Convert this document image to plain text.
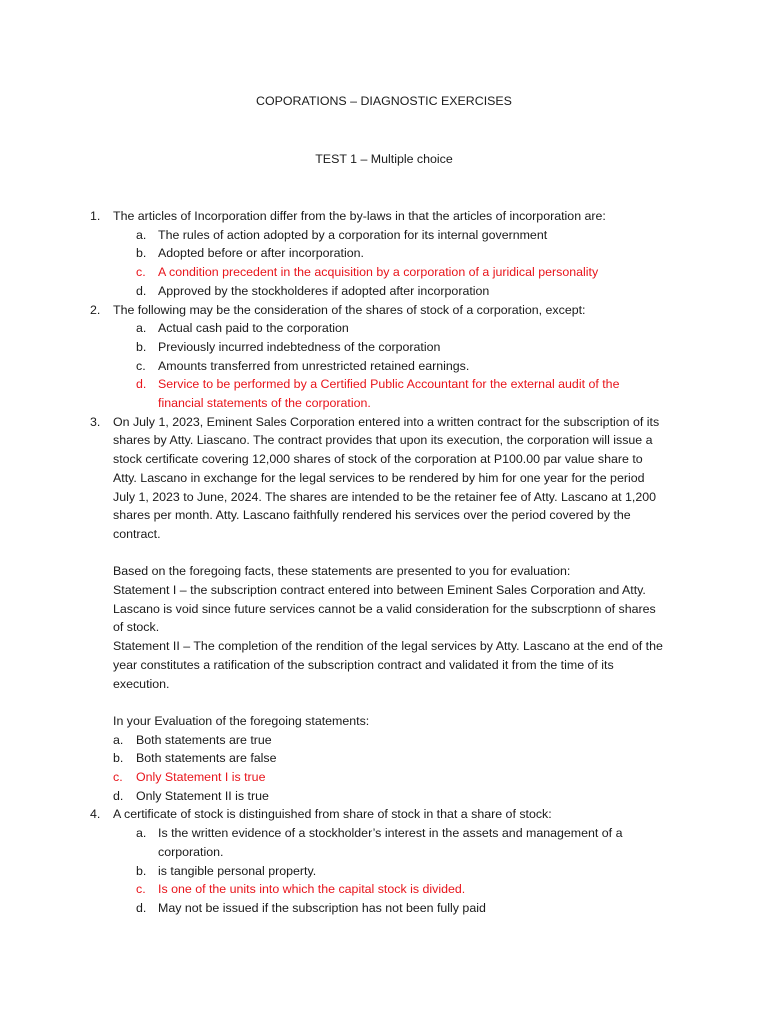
COPORATIONS – DIAGNOSTIC EXERCISES
TEST 1 – Multiple choice
1. The articles of Incorporation differ from the by-laws in that the articles of incorporation are:
a. The rules of action adopted by a corporation for its internal government
b. Adopted before or after incorporation.
c. A condition precedent in the acquisition by a corporation of a juridical personality
d. Approved by the stockholderes if adopted after incorporation
2. The following may be the consideration of the shares of stock of a corporation, except:
a. Actual cash paid to the corporation
b. Previously incurred indebtedness of the corporation
c. Amounts transferred from unrestricted retained earnings.
d. Service to be performed by a Certified Public Accountant for the external audit of the financial statements of the corporation.
3. On July 1, 2023, Eminent Sales Corporation entered into a written contract for the subscription of its shares by Atty. Liascano. The contract provides that upon its execution, the corporation will issue a stock certificate covering 12,000 shares of stock of the corporation at P100.00 par value share to Atty. Lascano in exchange for the legal services to be rendered by him for one year for the period July 1, 2023 to June, 2024. The shares are intended to be the retainer fee of Atty. Lascano at 1,200 shares per month. Atty. Lascano faithfully rendered his services over the period covered by the contract.
Based on the foregoing facts, these statements are presented to you for evaluation:
Statement I – the subscription contract entered into between Eminent Sales Corporation and Atty. Lascano is void since future services cannot be a valid consideration for the subscrptionn of shares of stock.
Statement II – The completion of the rendition of the legal services by Atty. Lascano at the end of the year constitutes a ratification of the subscription contract and validated it from the time of its execution.
In your Evaluation of the foregoing statements:
a. Both statements are true
b. Both statements are false
c. Only Statement I is true
d. Only Statement II is true
4. A certificate of stock is distinguished from share of stock in that a share of stock:
a. Is the written evidence of a stockholder’s interest in the assets and management of a corporation.
b. is tangible personal property.
c. Is one of the units into which the capital stock is divided.
d. May not be issued if the subscription has not been fully paid
